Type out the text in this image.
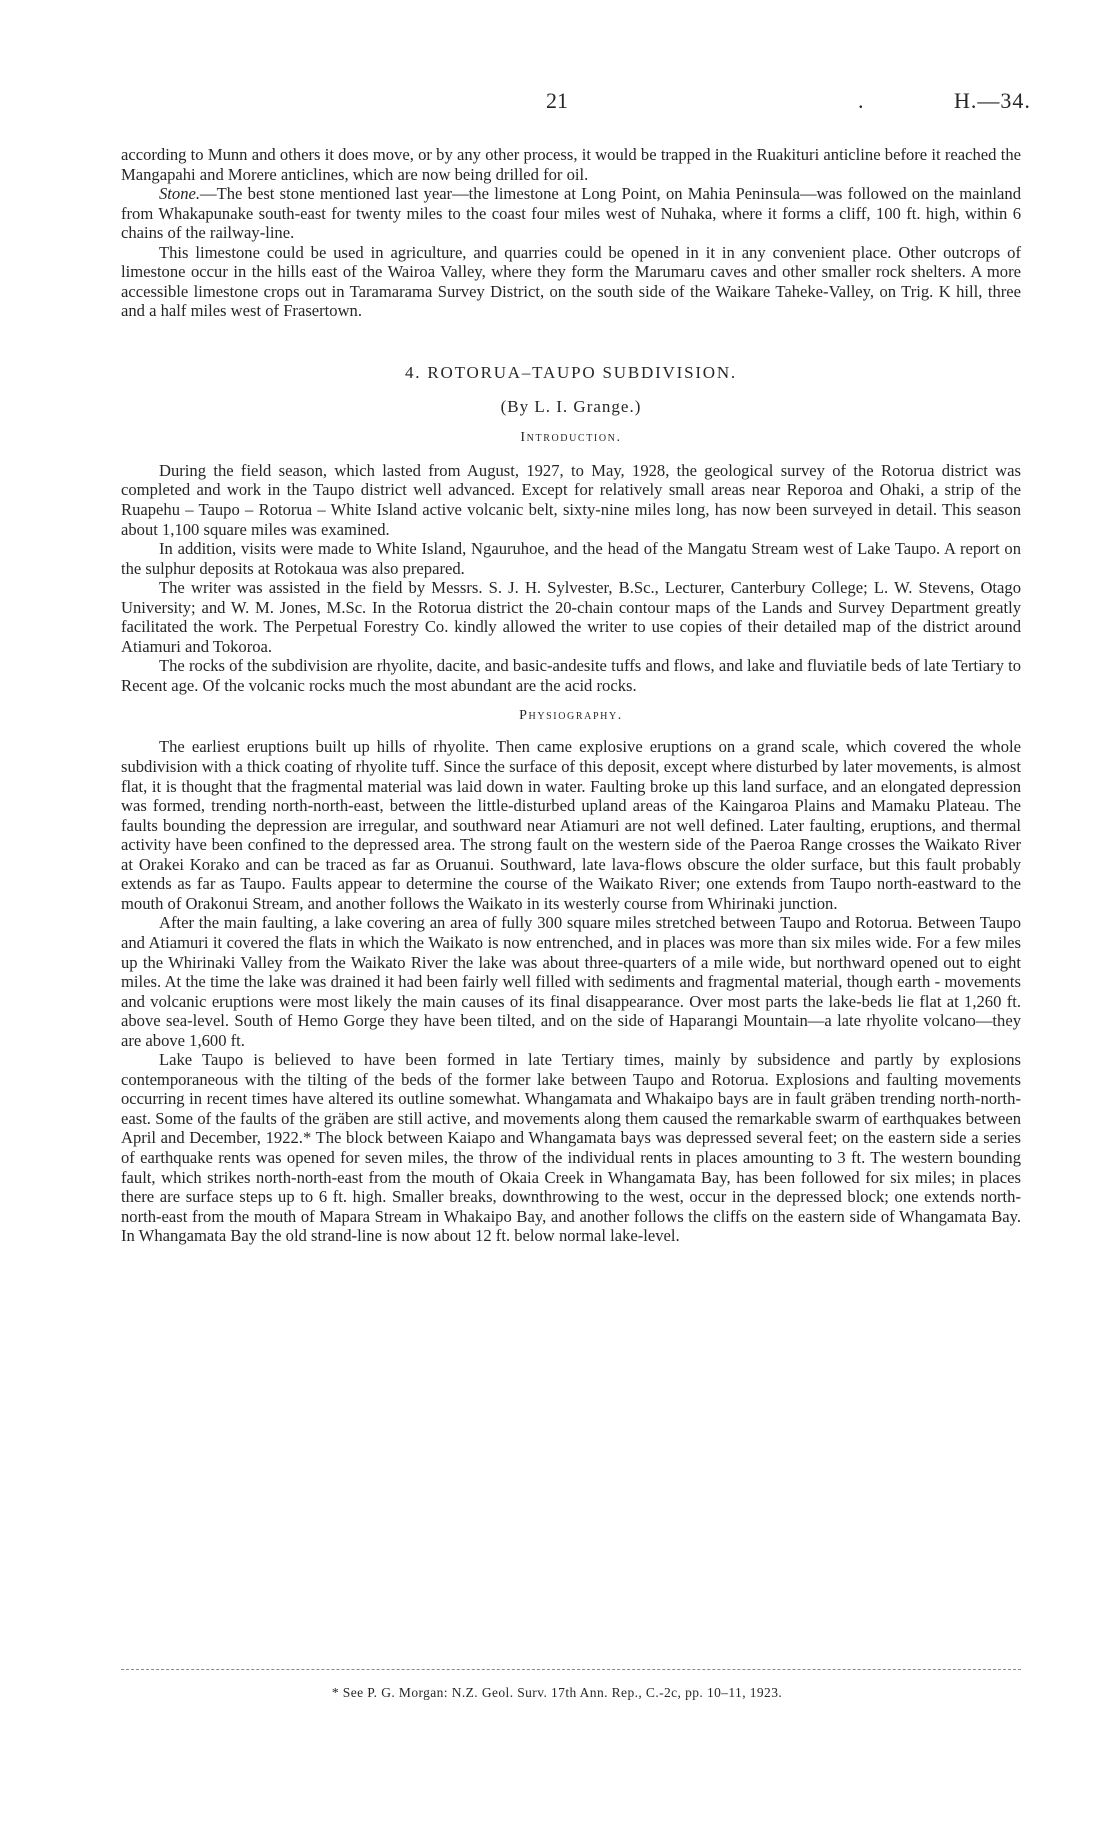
21	.	H.—34.

according to Munn and others it does move, or by any other process, it would be trapped in the Ruakituri anticline before it reached the Mangapahi and Morere anticlines, which are now being drilled for oil.

Stone.—The best stone mentioned last year—the limestone at Long Point, on Mahia Peninsula—was followed on the mainland from Whakapunake south-east for twenty miles to the coast four miles west of Nuhaka, where it forms a cliff, 100 ft. high, within 6 chains of the railway-line.

This limestone could be used in agriculture, and quarries could be opened in it in any convenient place. Other outcrops of limestone occur in the hills east of the Wairoa Valley, where they form the Marumaru caves and other smaller rock shelters. A more accessible limestone crops out in Taramarama Survey District, on the south side of the Waikare Taheke-Valley, on Trig. K hill, three and a half miles west of Frasertown.

4. ROTORUA–TAUPO SUBDIVISION.
(By L. I. Grange.)
Introduction.

During the field season, which lasted from August, 1927, to May, 1928, the geological survey of the Rotorua district was completed and work in the Taupo district well advanced. Except for relatively small areas near Reporoa and Ohaki, a strip of the Ruapehu – Taupo – Rotorua – White Island active volcanic belt, sixty-nine miles long, has now been surveyed in detail. This season about 1,100 square miles was examined.

In addition, visits were made to White Island, Ngauruhoe, and the head of the Mangatu Stream west of Lake Taupo. A report on the sulphur deposits at Rotokaua was also prepared.

The writer was assisted in the field by Messrs. S. J. H. Sylvester, B.Sc., Lecturer, Canterbury College; L. W. Stevens, Otago University; and W. M. Jones, M.Sc. In the Rotorua district the 20-chain contour maps of the Lands and Survey Department greatly facilitated the work. The Perpetual Forestry Co. kindly allowed the writer to use copies of their detailed map of the district around Atiamuri and Tokoroa.

The rocks of the subdivision are rhyolite, dacite, and basic-andesite tuffs and flows, and lake and fluviatile beds of late Tertiary to Recent age. Of the volcanic rocks much the most abundant are the acid rocks.

Physiography.

The earliest eruptions built up hills of rhyolite. Then came explosive eruptions on a grand scale, which covered the whole subdivision with a thick coating of rhyolite tuff. Since the surface of this deposit, except where disturbed by later movements, is almost flat, it is thought that the fragmental material was laid down in water. Faulting broke up this land surface, and an elongated depression was formed, trending north-north-east, between the little-disturbed upland areas of the Kaingaroa Plains and Mamaku Plateau. The faults bounding the depression are irregular, and southward near Atiamuri are not well defined. Later faulting, eruptions, and thermal activity have been confined to the depressed area. The strong fault on the western side of the Paeroa Range crosses the Waikato River at Orakei Korako and can be traced as far as Oruanui. Southward, late lava-flows obscure the older surface, but this fault probably extends as far as Taupo. Faults appear to determine the course of the Waikato River; one extends from Taupo north-eastward to the mouth of Orakonui Stream, and another follows the Waikato in its westerly course from Whirinaki junction.

After the main faulting, a lake covering an area of fully 300 square miles stretched between Taupo and Rotorua. Between Taupo and Atiamuri it covered the flats in which the Waikato is now entrenched, and in places was more than six miles wide. For a few miles up the Whirinaki Valley from the Waikato River the lake was about three-quarters of a mile wide, but northward opened out to eight miles. At the time the lake was drained it had been fairly well filled with sediments and fragmental material, though earth - movements and volcanic eruptions were most likely the main causes of its final disappearance. Over most parts the lake-beds lie flat at 1,260 ft. above sea-level. South of Hemo Gorge they have been tilted, and on the side of Haparangi Mountain—a late rhyolite volcano—they are above 1,600 ft.

Lake Taupo is believed to have been formed in late Tertiary times, mainly by subsidence and partly by explosions contemporaneous with the tilting of the beds of the former lake between Taupo and Rotorua. Explosions and faulting movements occurring in recent times have altered its outline somewhat. Whangamata and Whakaipo bays are in fault gräben trending north-north-east. Some of the faults of the gräben are still active, and movements along them caused the remarkable swarm of earthquakes between April and December, 1922.* The block between Kaiapo and Whangamata bays was depressed several feet; on the eastern side a series of earthquake rents was opened for seven miles, the throw of the individual rents in places amounting to 3 ft. The western bounding fault, which strikes north-north-east from the mouth of Okaia Creek in Whangamata Bay, has been followed for six miles; in places there are surface steps up to 6 ft. high. Smaller breaks, downthrowing to the west, occur in the depressed block; one extends north-north-east from the mouth of Mapara Stream in Whakaipo Bay, and another follows the cliffs on the eastern side of Whangamata Bay. In Whangamata Bay the old strand-line is now about 12 ft. below normal lake-level.

* See P. G. Morgan: N.Z. Geol. Surv. 17th Ann. Rep., C.-2c, pp. 10–11, 1923.
